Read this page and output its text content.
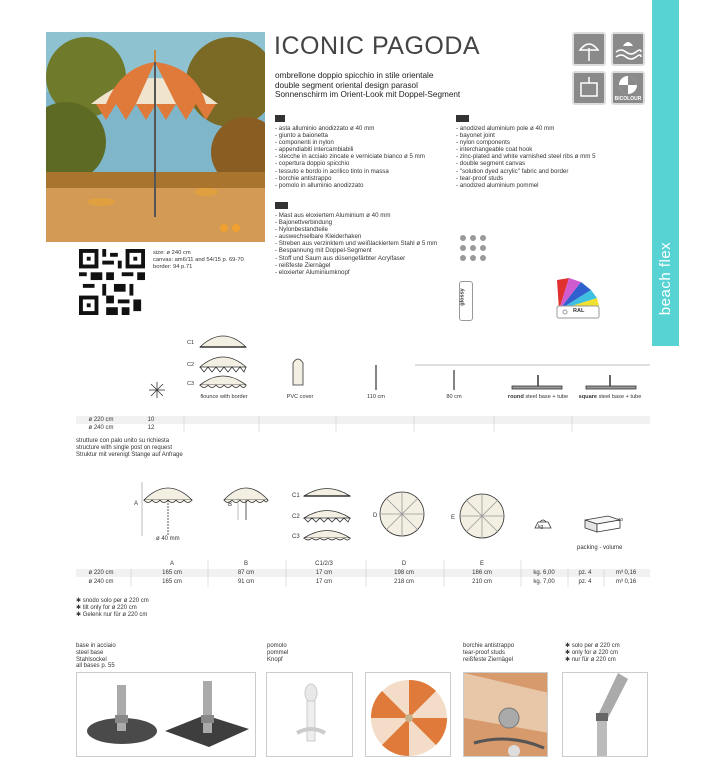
beach flex
☂
ICONIC PAGODA
ombrellone doppio spicchio in stile orientale
double segment oriental design parasol
Sonnenschirm im Orient-Look mit Doppel-Segment	BICOLOUR
IT
- asta alluminio anodizzato ø 40 mm
- giunto a baionetta
- componenti in nylon
- appendiabiti intercambiabili
- stecche in acciaio zincate e verniciate bianco ø 5 mm
- copertura doppio spicchio
- tessuto e bordo in acrilico tinto in massa
- borchie antistrappo
- pomolo in alluminio anodizzato
EN
- anodized aluminium pole ø 40 mm
- bayonet joint
- nylon components
- interchangeable coat hook
- zinc-plated and white varnished steel ribs ø mm 5
- double segment canvas
- "solution dyed acrylic" fabric and border
- tear-proof studs
- anodized aluminium pommel
DE
- Mast aus eloxiertem Aluminium ø 40 mm
- Bajonettverbindung
- Nylonbestandteile
- auswechselbare Kleiderhaken
- Streben aus verzinktem und weißlackiertem Stahl ø 5 mm
- Bespannung mit Doppel-Segment
- Stoff und Saum aus düsengefärbter Acrylfaser
- reißfeste Ziernägel
- eloxierter Aluminiumknopf
size: ø 240 cm
canvas: am6/11 and 54/15 p. 69-70
border: 94 p.71
glossy
RAL
C1
C2
C3
flounce with border	PVC cover	110 cm	80 cm	round steel base + tube	square steel base + tube
ø 220 cm	10
ø 240 cm	12
strutture con palo unito su richiesta
structure with single post on request
Struktur mit verenigt Stange auf Anfrage
A	B
C1
C2
C3
D	E
ø 40 mm
kg
10
packing - volume
A	B	C1/2/3	D	E
ø 220 cm	165 cm	87 cm	17 cm	198 cm	186 cm	kg. 6,00	pz. 4	m³ 0,16
ø 240 cm	165 cm	91 cm	17 cm	218 cm	210 cm	kg. 7,00	pz. 4	m³ 0,16
✱ snodo solo per ø 220 cm
✱ tilt only for ø 220 cm
✱ Gelenk nur für ø 220 cm
base in acciaio
steel base
Stahlsockel
all bases p. 55
pomolo
pommel
Knopf
borchie antistrappo
tear-proof studs
reißfeste Ziernägel
✱ solo per ø 220 cm
✱ only for ø 220 cm
✱ nur für ø 220 cm
